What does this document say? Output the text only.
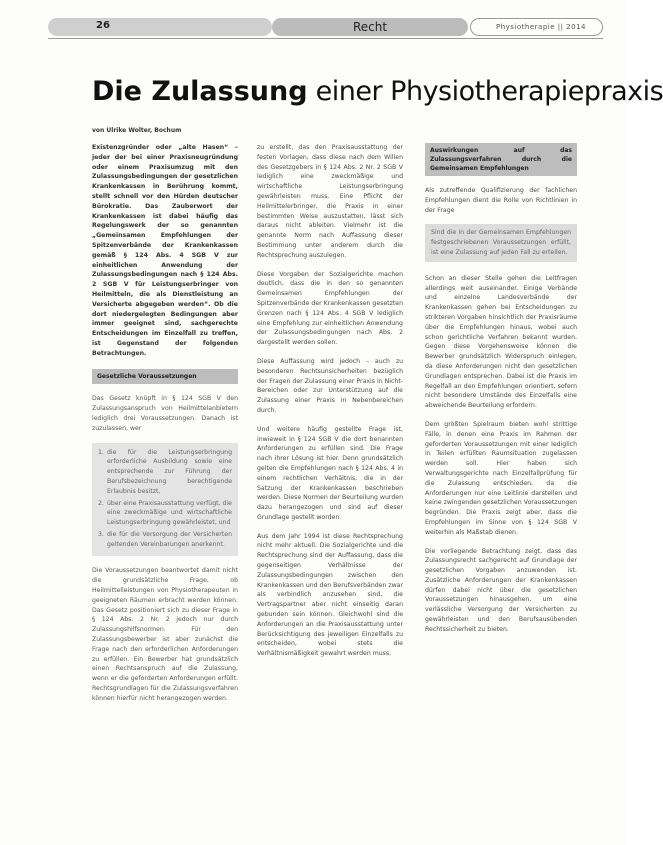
26	Recht	Physiotherapie || 2014
Die Zulassung einer Physiotherapiepraxis
von Ulrike Wolter, Bochum

Existenzgründer oder „alte Hasen“ – jeder der bei einer Praxisneugründung oder einem Praxisumzug mit den Zulassungsbedingungen der gesetzlichen Krankenkassen in Berührung kommt, stellt schnell vor den Hürden deutscher Bürokratie. Das Zauberwort der Krankenkassen ist dabei häufig das Regelungswerk der so genannten „Gemeinsamen Empfehlungen der Spitzenverbände der Krankenkassen gemäß § 124 Abs. 4 SGB V zur einheitlichen Anwendung der Zulassungsbedingungen nach § 124 Abs. 2 SGB V für Leistungserbringer von Heilmitteln, die als Dienstleistung an Versicherte abgegeben werden“. Ob die dort niedergelegten Bedingungen aber immer geeignet sind, sachgerechte Entscheidungen im Einzelfall zu treffen, ist Gegenstand der folgenden Betrachtungen.

Gesetzliche Voraussetzungen

Das Gesetz knüpft in § 124 SGB V den Zulassungsanspruch von Heilmittelanbietern lediglich drei Voraussetzungen. Danach ist zuzulassen, wer

1. die für die Leistungserbringung erforderliche Ausbildung sowie eine entsprechende zur Führung der Berufsbezeichnung berechtigende Erlaubnis besitzt,
2. über eine Praxisausstattung verfügt, die eine zweckmäßige und wirtschaftliche Leistungserbringung gewährleistet, und
3. die für die Versorgung der Versicherten geltenden Vereinbarungen anerkennt.

Die Voraussetzungen beantwortet damit nicht die grundsätzliche Frage, ob Heilmittelleistungen von Physiotherapeuten in geeigneten Räumen erbracht werden können. Das Gesetz positioniert sich zu dieser Frage in § 124 Abs. 2 Nr. 2 jedoch nur durch Zulassungshilfsnormen. Für den Zulassungsbewerber ist aber zunächst die Frage nach den erforderlichen Anforderungen zu erfüllen. Ein Bewerber hat grundsätzlich einen Rechtsanspruch auf die Zulassung, wenn er die geforderten Anforderungen erfüllt. Rechtsgrundlagen für die Zulassungsverfahren können hierfür nicht herangezogen werden.

zu erstellt, das den Praxisausstattung der festen Vorlagen, dass diese nach dem Willen des Gesetzgebers in § 124 Abs. 2 Nr. 2 SGB V lediglich eine zweckmäßige und wirtschaftliche Leistungserbringung gewährleisten muss. Eine Pflicht der Heilmittelerbringer, die Praxis in einer bestimmten Weise auszustatten, lässt sich daraus nicht ableiten. Vielmehr ist die genannte Norm nach Auffassung dieser Bestimmung unter anderem durch die Rechtsprechung auszulegen.

Diese Vorgaben der Sozialgerichte machen deutlich, dass die in den so genannten Gemeinsamen Empfehlungen der Spitzenverbände der Krankenkassen gesetzten Grenzen nach § 124 Abs. 4 SGB V lediglich eine Empfehlung zur einheitlichen Anwendung der Zulassungsbedingungen nach Abs. 2 dargestellt werden sollen.

Diese Auffassung wird jedoch – auch zu besonderen Rechtsunsicherheiten bezüglich der Fragen der Zulassung einer Praxis in Nicht-Bereichen oder zur Unterstützung auf die Zulassung einer Praxis in Nebenbereichen durch.

Und weitere häufig gestellte Frage ist, inwieweit in § 124 SGB V die dort benannten Anforderungen zu erfüllen sind. Die Frage nach ihrer Lösung ist hier. Denn grundsätzlich gelten die Empfehlungen nach § 124 Abs. 4 in einem rechtlichen Verhältnis, die in der Satzung der Krankenkassen beschrieben werden. Diese Normen der Beurteilung wurden dazu herangezogen und sind auf dieser Grundlage gestellt worden.

Aus dem Jahr 1994 ist diese Rechtsprechung nicht mehr aktuell. Die Sozialgerichte und die Rechtsprechung sind der Auffassung, dass die gegenseitigen Verhältnisse der Zulassungsbedingungen zwischen den Krankenkassen und den Berufsverbänden zwar als verbindlich anzusehen sind, die Vertragspartner aber nicht einseitig daran gebunden sein können. Gleichwohl sind die Anforderungen an die Praxisausstattung unter Berücksichtigung des jeweiligen Einzelfalls zu entscheiden, wobei stets die Verhältnismäßigkeit gewahrt werden muss.

Auswirkungen auf das Zulassungsverfahren durch die Gemeinsamen Empfehlungen

Als zutreffende Qualifizierung der fachlichen Empfehlungen dient die Rolle von Richtlinien in der Frage

Sind die in der Gemeinsamen Empfehlungen festgeschriebenen Voraussetzungen erfüllt, ist eine Zulassung auf jeden Fall zu erteilen.

Schon an dieser Stelle gehen die Leitfragen allerdings weit auseinander. Einige Verbände und einzelne Landesverbände der Krankenkassen gehen bei Entscheidungen zu strikteren Vorgaben hinsichtlich der Praxisräume über die Empfehlungen hinaus, wobei auch schon gerichtliche Verfahren bekannt wurden. Gegen diese Vorgehensweise können die Bewerber grundsätzlich Widerspruch einlegen, da diese Anforderungen nicht den gesetzlichen Grundlagen entsprechen. Dabei ist die Praxis im Regelfall an den Empfehlungen orientiert, sofern nicht besondere Umstände des Einzelfalls eine abweichende Beurteilung erfordern.

Dem größten Spielraum bieten wohl strittige Fälle, in denen eine Praxis im Rahmen der geforderten Voraussetzungen mit einer lediglich in Teilen erfüllten Raumsituation zugelassen werden soll. Hier haben sich Verwaltungsgerichte nach Einzelfallprüfung für die Zulassung entschieden, da die Anforderungen nur eine Leitlinie darstellen und keine zwingenden gesetzlichen Voraussetzungen begründen. Die Praxis zeigt aber, dass die Empfehlungen im Sinne von § 124 SGB V weiterhin als Maßstab dienen.

Die vorliegende Betrachtung zeigt, dass das Zulassungsrecht sachgerecht auf Grundlage der gesetzlichen Vorgaben anzuwenden ist. Zusätzliche Anforderungen der Krankenkassen dürfen dabei nicht über die gesetzlichen Voraussetzungen hinausgehen, um eine verlässliche Versorgung der Versicherten zu gewährleisten und den Berufsausübenden Rechtssicherheit zu bieten.
